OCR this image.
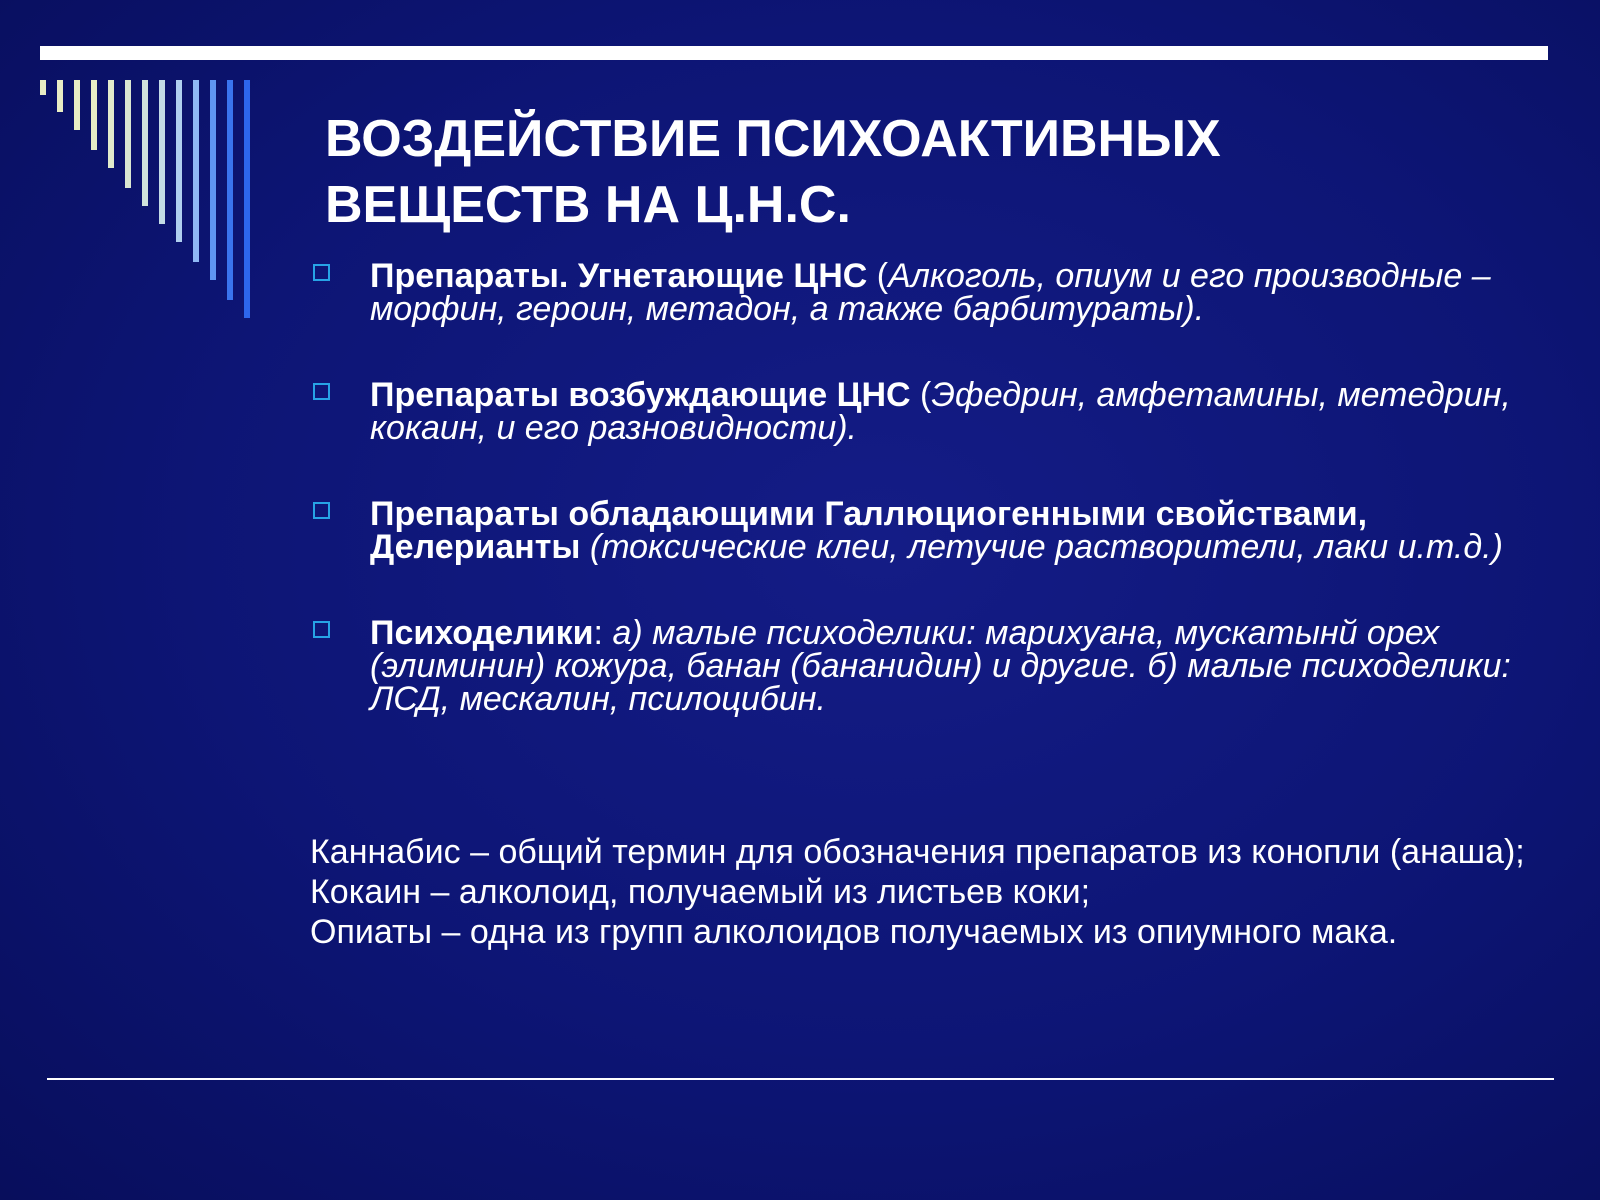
ВОЗДЕЙСТВИЕ ПСИХОАКТИВНЫХ
ВЕЩЕСТВ НА Ц.Н.С.
Препараты. Угнетающие ЦНС (Алкоголь, опиум и его производные – морфин, героин, метадон, а также барбитураты).
Препараты возбуждающие ЦНС (Эфедрин, амфетамины, метедрин, кокаин, и его разновидности).
Препараты обладающими Галлюциогенными свойствами, Делерианты (токсические клеи, летучие растворители, лаки и.т.д.)
Психоделики: а) малые психоделики: марихуана, мускатынй орех (элиминин) кожура, банан (бананидин) и другие. б) малые психоделики: ЛСД, мескалин, псилоцибин.
Каннабис – общий термин для обозначения препаратов из конопли (анаша);
Кокаин – алколоид, получаемый из листьев коки;
Опиаты – одна из групп алколоидов получаемых из опиумного мака.
